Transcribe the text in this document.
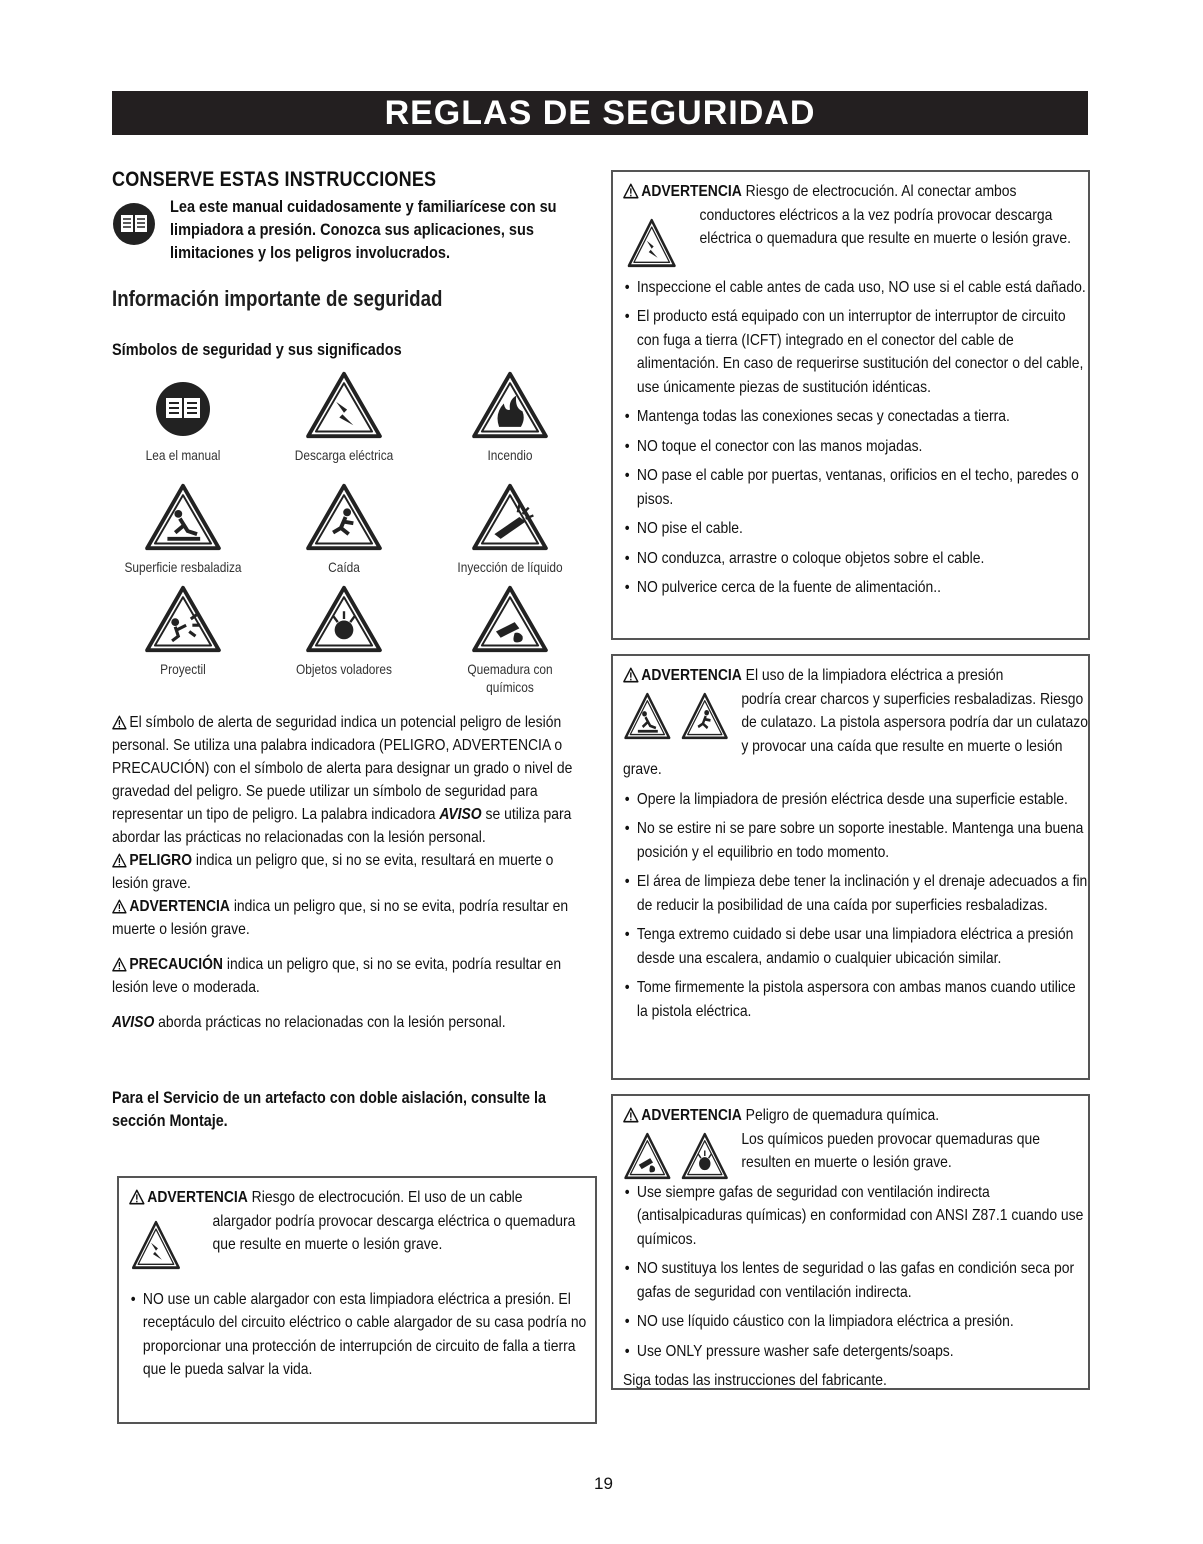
REGLAS DE SEGURIDAD
CONSERVE ESTAS INSTRUCCIONES
Lea este manual cuidadosamente y familiarícese con su limpiadora a presión. Conozca sus aplicaciones, sus limitaciones y los peligros involucrados.
Información importante de seguridad
Símbolos de seguridad y sus significados
Lea el manual	Descarga eléctrica	Incendio
Superficie resbaladiza	Caída	Inyección de líquido
Proyectil	Objetos voladores	Quemadura con químicos

El símbolo de alerta de seguridad indica un potencial peligro de lesión personal. Se utiliza una palabra indicadora (PELIGRO, ADVERTENCIA o PRECAUCIÓN) con el símbolo de alerta para designar un grado o nivel de gravedad del peligro. Se puede utilizar un símbolo de seguridad para representar un tipo de peligro. La palabra indicadora AVISO se utiliza para abordar las prácticas no relacionadas con la lesión personal.

PELIGRO indica un peligro que, si no se evita, resultará en muerte o lesión grave.

ADVERTENCIA indica un peligro que, si no se evita, podría resultar en muerte o lesión grave.

PRECAUCIÓN indica un peligro que, si no se evita, podría resultar en lesión leve o moderada.

AVISO aborda prácticas no relacionadas con la lesión personal.

Para el Servicio de un artefacto con doble aislación, consulte la sección Montaje.
ADVERTENCIA Riesgo de electrocución. El uso de un cable
alargador podría provocar descarga eléctrica o quemadura que resulte en muerte o lesión grave.
• NO use un cable alargador con esta limpiadora eléctrica a presión. El receptáculo del circuito eléctrico o cable alargador de su casa podría no proporcionar una protección de interrupción de circuito de falla a tierra que le pueda salvar la vida.
ADVERTENCIA Riesgo de electrocución. Al conectar ambos
conductores eléctricos a la vez podría provocar descarga eléctrica o quemadura que resulte en muerte o lesión grave.
• Inspeccione el cable antes de cada uso, NO use si el cable está dañado.
• El producto está equipado con un interruptor de interruptor de circuito con fuga a tierra (ICFT) integrado en el conector del cable de alimentación. En caso de requerirse sustitución del conector o del cable, use únicamente piezas de sustitución idénticas.
• Mantenga todas las conexiones secas y conectadas a tierra.
• NO toque el conector con las manos mojadas.
• NO pase el cable por puertas, ventanas, orificios en el techo, paredes o pisos.
• NO pise el cable.
• NO conduzca, arrastre o coloque objetos sobre el cable.
• NO pulverice cerca de la fuente de alimentación..
ADVERTENCIA El uso de la limpiadora eléctrica a presión
podría crear charcos y superficies resbaladizas. Riesgo de culatazo. La pistola aspersora podría dar un culatazo y provocar una caída que resulte en muerte o lesión grave.
• Opere la limpiadora de presión eléctrica desde una superficie estable.
• No se estire ni se pare sobre un soporte inestable. Mantenga una buena posición y el equilibrio en todo momento.
• El área de limpieza debe tener la inclinación y el drenaje adecuados a fin de reducir la posibilidad de una caída por superficies resbaladizas.
• Tenga extremo cuidado si debe usar una limpiadora eléctrica a presión desde una escalera, andamio o cualquier ubicación similar.
• Tome firmemente la pistola aspersora con ambas manos cuando utilice la pistola eléctrica.
ADVERTENCIA Peligro de quemadura química.
Los químicos pueden provocar quemaduras que resulten en muerte o lesión grave.
• Use siempre gafas de seguridad con ventilación indirecta (antisalpicaduras químicas) en conformidad con ANSI Z87.1 cuando use químicos.
• NO sustituya los lentes de seguridad o las gafas en condición seca por gafas de seguridad con ventilación indirecta.
• NO use líquido cáustico con la limpiadora eléctrica a presión.
• Use ONLY pressure washer safe detergents/soaps.
Siga todas las instrucciones del fabricante.
19
